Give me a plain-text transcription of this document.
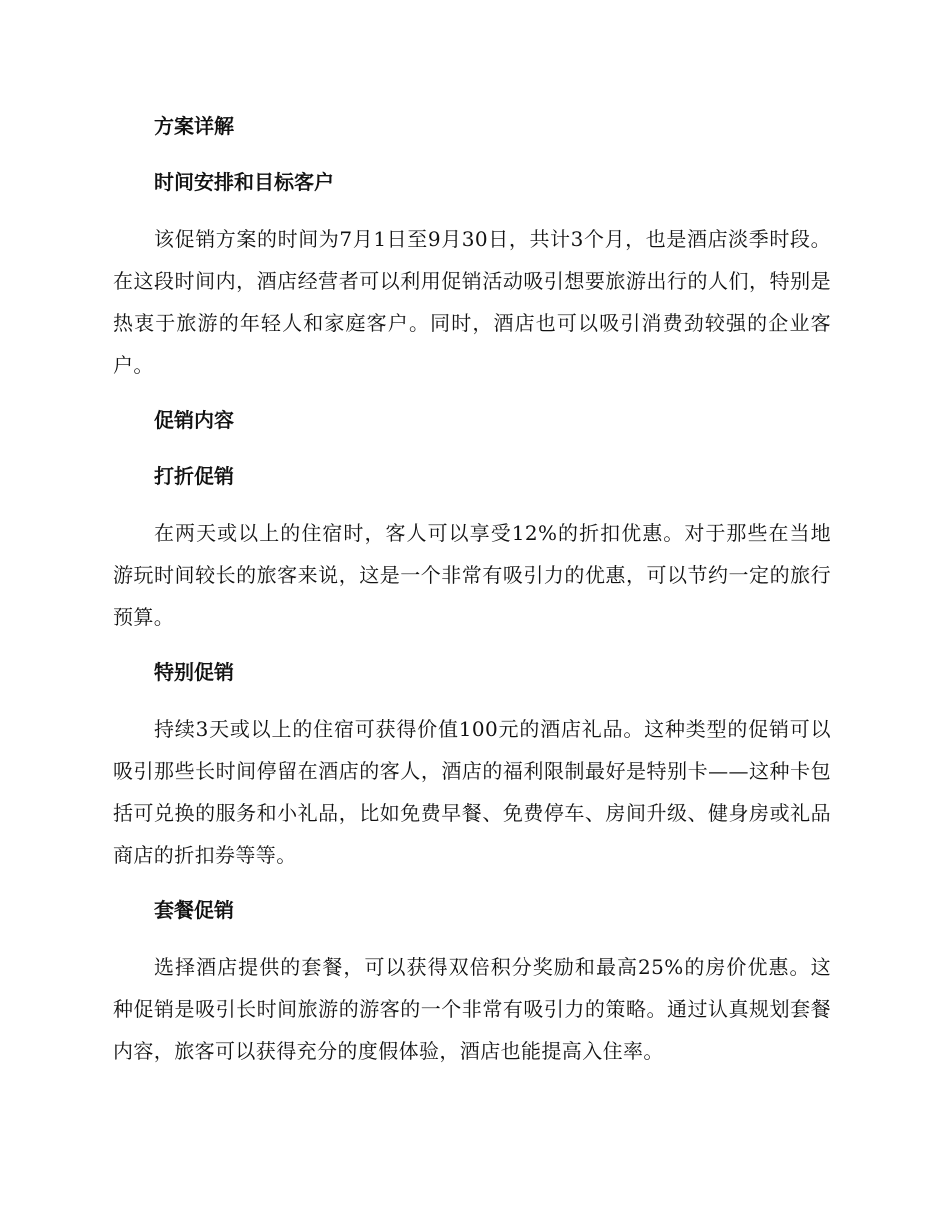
方案详解
时间安排和目标客户

该促销方案的时间为7月1日至9月30日，共计3个月，也是酒店淡季时段。在这段时间内，酒店经营者可以利用促销活动吸引想要旅游出行的人们，特别是热衷于旅游的年轻人和家庭客户。同时，酒店也可以吸引消费劲较强的企业客户。

促销内容
打折促销

在两天或以上的住宿时，客人可以享受12%的折扣优惠。对于那些在当地游玩时间较长的旅客来说，这是一个非常有吸引力的优惠，可以节约一定的旅行预算。

特别促销

持续3天或以上的住宿可获得价值100元的酒店礼品。这种类型的促销可以吸引那些长时间停留在酒店的客人，酒店的福利限制最好是特别卡——这种卡包括可兑换的服务和小礼品，比如免费早餐、免费停车、房间升级、健身房或礼品商店的折扣券等等。

套餐促销

选择酒店提供的套餐，可以获得双倍积分奖励和最高25%的房价优惠。这种促销是吸引长时间旅游的游客的一个非常有吸引力的策略。通过认真规划套餐内容，旅客可以获得充分的度假体验，酒店也能提高入住率。
